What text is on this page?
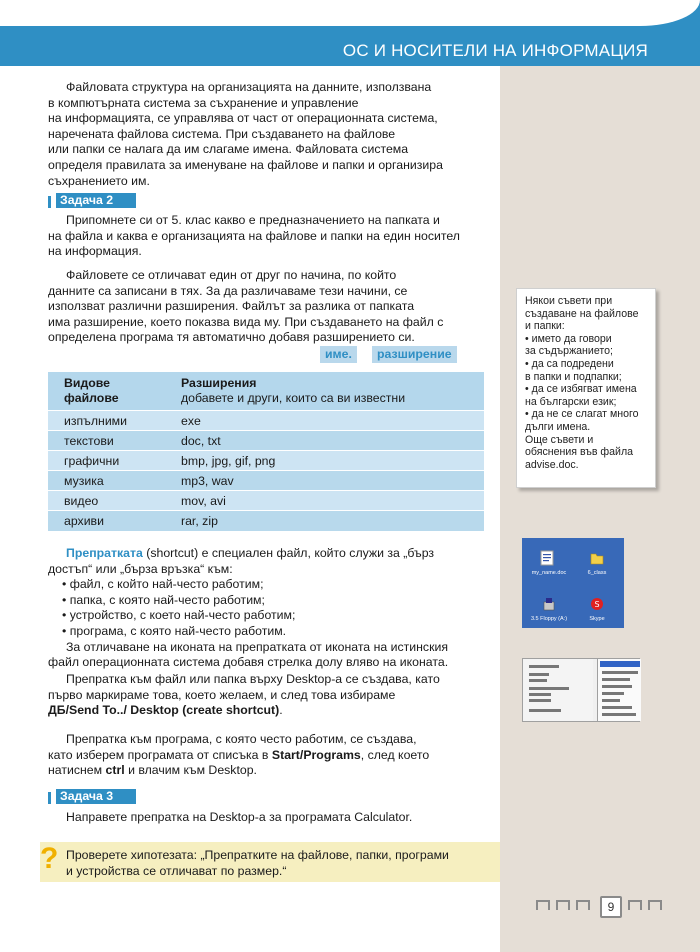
ОС И НОСИТЕЛИ НА ИНФОРМАЦИЯ
Файловата структура на организацията на данните, използвана
в компютърната система за съхранение и управление
на информацията, се управлява от част от операционната система,
наречената файлова система. При създаването на файлове
или папки се налага да им слагаме имена. Файловата система
определя правилата за именуване на файлове и папки и организира
съхранението им.
Задача 2
Припомнете си от 5. клас какво е предназначението на папката и
на файла и каква е организацията на файлове и папки на един носител
на информация.
Файловете се отличават един от друг по начина, по който
данните са записани в тях. За да различаваме тези начини, се
използват различни разширения. Файлът за разлика от папката
има разширение, което показва вида му. При създаването на файл с
определена програма тя автоматично добавя разширението си.
име.	разширение
Видове файлове	Разширения
добавете и други, които са ви известни

изпълними	exe
текстови	doc, txt
графични	bmp, jpg, gif, png
музика	mp3, wav
видео	mov, avi
архиви	rar, zip
Някои съвети при
създаване на файлове
и папки:
• името да говори
за съдържанието;
• да са подредени
в папки и подпапки;
• да се избягват имена
на български език;
• да не се слагат много
дълги имена.
Още съвети и
обяснения във файла
advise.doc.
Препратката (shortcut) е специален файл, който служи за „бърз
достъп“ или „бърза връзка“ към:
• файл, с който най-често работим;
• папка, с която най-често работим;
• устройство, с което най-често работим;
• програма, с която най-често работим.
За отличаване на иконата на препратката от иконата на истинския
файл операционната система добавя стрелка долу вляво на иконата.
my_name.doc	6_class
3.5 Floppy (A:)
S
Skype
Препратка към файл или папка върху Desktop-а се създава, като
първо маркираме това, което желаем, и след това избираме
ДБ/Send To../ Desktop (create shortcut).
Препратка към програма, с която често работим, се създава,
като изберем програмата от списъка в Start/Programs, след което
натиснем ctrl и влачим към Desktop.
Задача 3
Направете препратка на Desktop-а за програмата Calculator.
? Проверете хипотезата: „Препратките на файлове, папки, програми
и устройства се отличават по размер.“
9
